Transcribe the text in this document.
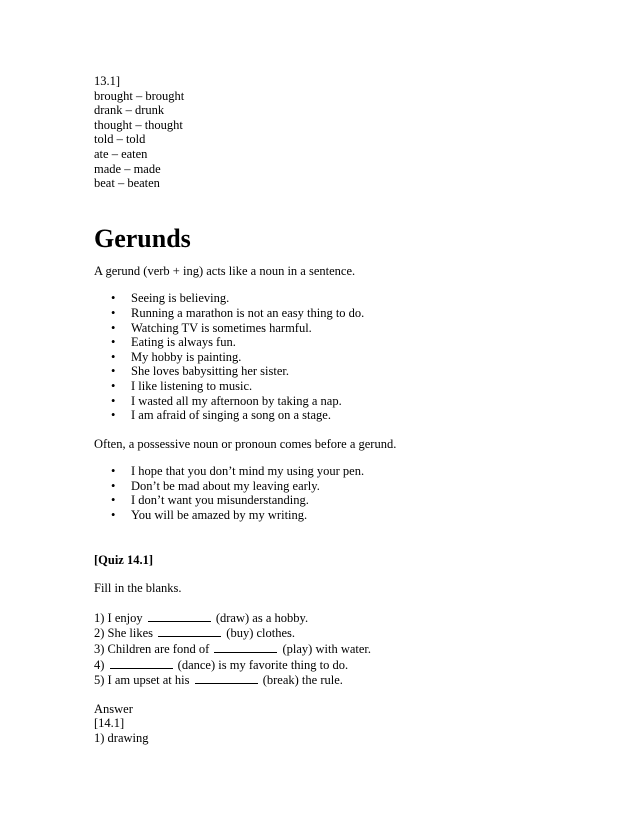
13.1]

brought – brought

drank – drunk

thought – thought

told – told

ate – eaten

made – made

beat – beaten

Gerunds

A gerund (verb + ing) acts like a noun in a sentence.

• Seeing is believing.
• Running a marathon is not an easy thing to do.
• Watching TV is sometimes harmful.
• Eating is always fun.
• My hobby is painting.
• She loves babysitting her sister.
• I like listening to music.
• I wasted all my afternoon by taking a nap.
• I am afraid of singing a song on a stage.

Often, a possessive noun or pronoun comes before a gerund.

• I hope that you don’t mind my using your pen.
• Don’t be mad about my leaving early.
• I don’t want you misunderstanding.
• You will be amazed by my writing.

[Quiz 14.1]

Fill in the blanks.

1) I enjoy	(draw) as a hobby.

2) She likes	(buy) clothes.

3) Children are fond of	(play) with water.

4)	(dance) is my favorite thing to do.

5) I am upset at his	(break) the rule.

Answer

[14.1]

1) drawing
